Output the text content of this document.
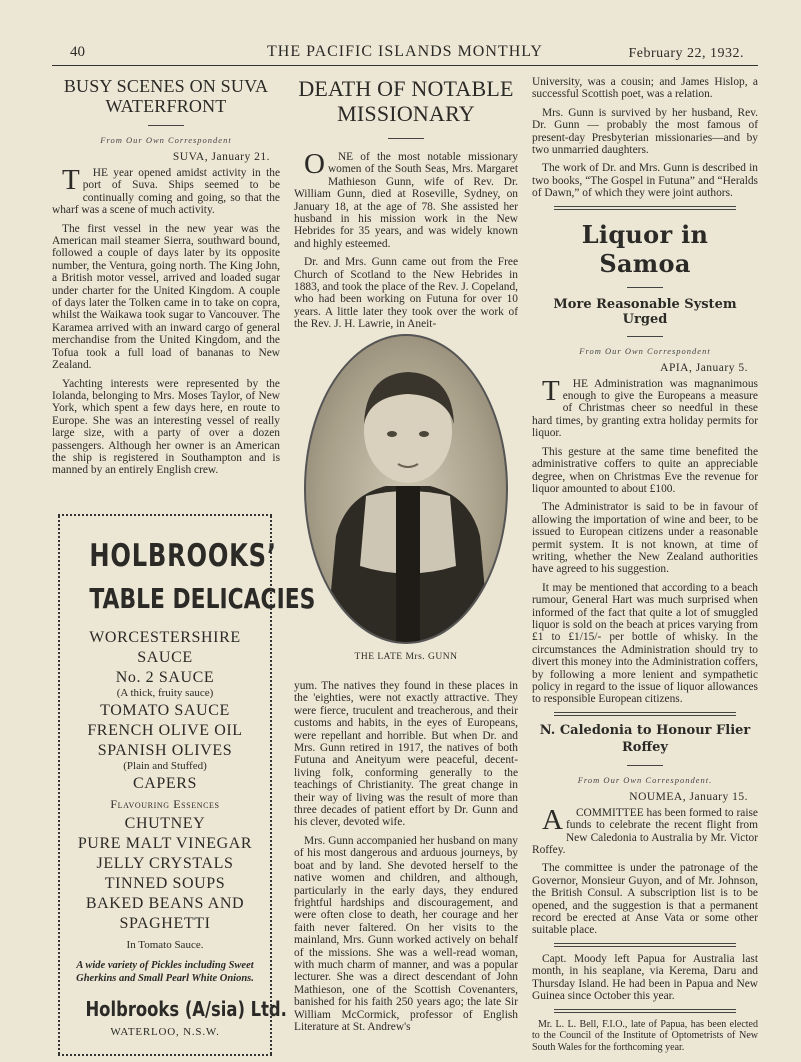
40	THE PACIFIC ISLANDS MONTHLY	February 22, 1932.
BUSY SCENES ON SUVA WATERFRONT
From Our Own Correspondent
SUVA, January 21.

T HE year opened amidst activity in the port of Suva. Ships seemed to be continually coming and going, so that the wharf was a scene of much activity.

The first vessel in the new year was the American mail steamer Sierra, southward bound, followed a couple of days later by its opposite number, the Ventura, going north. The King John, a British motor vessel, arrived and loaded sugar under charter for the United Kingdom. A couple of days later the Tolken came in to take on copra, whilst the Waikawa took sugar to Vancouver. The Karamea arrived with an inward cargo of general merchandise from the United Kingdom, and the Tofua took a full load of bananas to New Zealand.

Yachting interests were represented by the Iolanda, belonging to Mrs. Moses Taylor, of New York, which spent a few days here, en route to Europe. She was an interesting vessel of really large size, with a party of over a dozen passengers. Although her owner is an American the ship is registered in Southampton and is manned by an entirely English crew.

HOLBROOKS’
TABLE DELICACIES
WORCESTERSHIRE
SAUCE
No. 2 SAUCE
(A thick, fruity sauce)
TOMATO SAUCE
FRENCH OLIVE OIL
SPANISH OLIVES
(Plain and Stuffed)
CAPERS
Flavouring Essences
CHUTNEY
PURE MALT VINEGAR
JELLY CRYSTALS
TINNED SOUPS
BAKED BEANS AND
SPAGHETTI
In Tomato Sauce.
A wide variety of Pickles including Sweet Gherkins and Small Pearl White Onions.
Holbrooks (A/sia) Ltd.
WATERLOO, N.S.W.
DEATH OF NOTABLE MISSIONARY

O NE of the most notable missionary women of the South Seas, Mrs. Margaret Mathieson Gunn, wife of Rev. Dr. William Gunn, died at Roseville, Sydney, on January 18, at the age of 78. She assisted her husband in his mission work in the New Hebrides for 35 years, and was widely known and highly esteemed.

Dr. and Mrs. Gunn came out from the Free Church of Scotland to the New Hebrides in 1883, and took the place of the Rev. J. Copeland, who had been working on Futuna for over 10 years. A little later they took over the work of the Rev. J. H. Lawrie, in Aneit-

THE LATE Mrs. GUNN

yum. The natives they found in these places in the 'eighties, were not exactly attractive. They were fierce, truculent and treacherous, and their customs and habits, in the eyes of Europeans, were repellant and horrible. But when Dr. and Mrs. Gunn retired in 1917, the natives of both Futuna and Aneityum were peaceful, decent-living folk, conforming generally to the teachings of Christianity. The great change in their way of living was the result of more than three decades of patient effort by Dr. Gunn and his clever, devoted wife.

Mrs. Gunn accompanied her husband on many of his most dangerous and arduous journeys, by boat and by land. She devoted herself to the native women and children, and although, particularly in the early days, they endured frightful hardships and discouragement, and were often close to death, her courage and her faith never faltered. On her visits to the mainland, Mrs. Gunn worked actively on behalf of the missions. She was a well-read woman, with much charm of manner, and was a popular lecturer. She was a direct descendant of John Mathieson, one of the Scottish Covenanters, banished for his faith 250 years ago; the late Sir William McCormick, professor of English Literature at St. Andrew's

University, was a cousin; and James Hislop, a successful Scottish poet, was a relation.

Mrs. Gunn is survived by her husband, Rev. Dr. Gunn — probably the most famous of present-day Presbyterian missionaries—and by two unmarried daughters.

The work of Dr. and Mrs. Gunn is described in two books, “The Gospel in Futuna” and “Heralds of Dawn,” of which they were joint authors.

Liquor in Samoa
More Reasonable System Urged
From Our Own Correspondent
APIA, January 5.

T HE Administration was magnanimous enough to give the Europeans a measure of Christmas cheer so needful in these hard times, by granting extra holiday permits for liquor.

This gesture at the same time benefited the administrative coffers to quite an appreciable degree, when on Christmas Eve the revenue for liquor amounted to about £100.

The Administrator is said to be in favour of allowing the importation of wine and beer, to be issued to European citizens under a reasonable permit system. It is not known, at time of writing, whether the New Zealand authorities have agreed to his suggestion.

It may be mentioned that according to a beach rumour, General Hart was much surprised when informed of the fact that quite a lot of smuggled liquor is sold on the beach at prices varying from £1 to £1/15/- per bottle of whisky. In the circumstances the Administration should try to divert this money into the Administration coffers, by following a more lenient and sympathetic policy in regard to the issue of liquor allowances to responsible European citizens.

N. Caledonia to Honour Flier Roffey
From Our Own Correspondent.
NOUMEA, January 15.

A COMMITTEE has been formed to raise funds to celebrate the recent flight from New Caledonia to Australia by Mr. Victor Roffey.

The committee is under the patronage of the Governor, Monsieur Guyon, and of Mr. Johnson, the British Consul. A subscription list is to be opened, and the suggestion is that a permanent record be erected at Anse Vata or some other suitable place.

Capt. Moody left Papua for Australia last month, in his seaplane, via Kerema, Daru and Thursday Island. He had been in Papua and New Guinea since October this year.

Mr. L. L. Bell, F.I.O., late of Papua, has been elected to the Council of the Institute of Optometrists of New South Wales for the forthcoming year.
